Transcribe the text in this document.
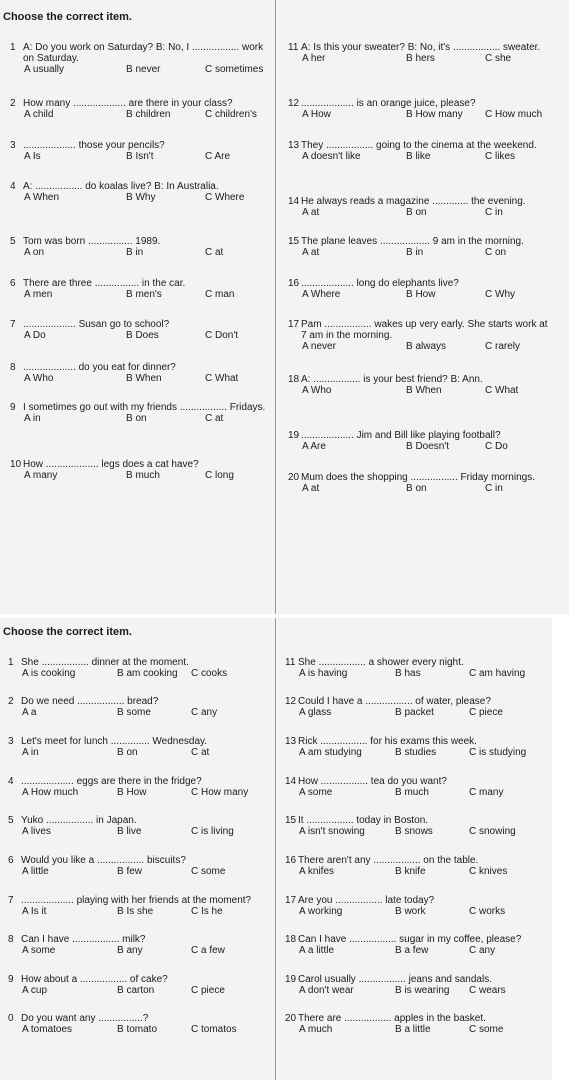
Choose the correct item.
1 A: Do you work on Saturday? B: No, I ................. work on Saturday.
A usually	B never	C sometimes
2 How many ................... are there in your class?
A child	B children	C children's
3 ................... those your pencils?
A Is	B Isn't	C Are
4 A: ................. do koalas live? B: In Australia.
A When	B Why	C Where
5 Tom was born ................ 1989.
A on	B in	C at
6 There are three ................ in the car.
A men	B men's	C man
7 ................... Susan go to school?
A Do	B Does	C Don't
8 ................... do you eat for dinner?
A Who	B When	C What
9 I sometimes go out with my friends ................. Fridays.
A in	B on	C at
10 How ................... legs does a cat have?
A many	B much	C long
11 A: Is this your sweater? B: No, it's ................. sweater.
A her	B hers	C she
12 ................... is an orange juice, please?
A How	B How many	C How much
13 They ................. going to the cinema at the weekend.
A doesn't like	B like	C likes
14 He always reads a magazine ............. the evening.
A at	B on	C in
15 The plane leaves .................. 9 am in the morning.
A at	B in	C on
16 ................... long do elephants live?
A Where	B How	C Why
17 Pam ................. wakes up very early. She starts work at 7 am in the morning.
A never	B always	C rarely
18 A: ................. is your best friend? B: Ann.
A Who	B When	C What
19 ................... Jim and Bill like playing football?
A Are	B Doesn't	C Do
20 Mum does the shopping ................. Friday mornings.
A at	B on	C in
Choose the correct item.
1 She ................. dinner at the moment.
A is cooking	B am cooking	C cooks
2 Do we need ................. bread?
A a	B some	C any
3 Let's meet for lunch .............. Wednesday.
A in	B on	C at
4 ................... eggs are there in the fridge?
A How much	B How	C How many
5 Yuko ................. in Japan.
A lives	B live	C is living
6 Would you like a ................. biscuits?
A little	B few	C some
7 ................... playing with her friends at the moment?
A Is it	B Is she	C Is he
8 Can I have ................. milk?
A some	B any	C a few
9 How about a ................. of cake?
A cup	B carton	C piece
0 Do you want any ................?
A tomatoes	B tomato	C tomatos
11 She ................. a shower every night.
A is having	B has	C am having
12 Could I have a ................. of water, please?
A glass	B packet	C piece
13 Rick ................. for his exams this week.
A am studying	B studies	C is studying
14 How ................. tea do you want?
A some	B much	C many
15 It ................. today in Boston.
A isn't snowing	B snows	C snowing
16 There aren't any ................. on the table.
A knifes	B knife	C knives
17 Are you ................. late today?
A working	B work	C works
18 Can I have ................. sugar in my coffee, please?
A a little	B a few	C any
19 Carol usually ................. jeans and sandals.
A don't wear	B is wearing	C wears
20 There are ................. apples in the basket.
A much	B a little	C some
